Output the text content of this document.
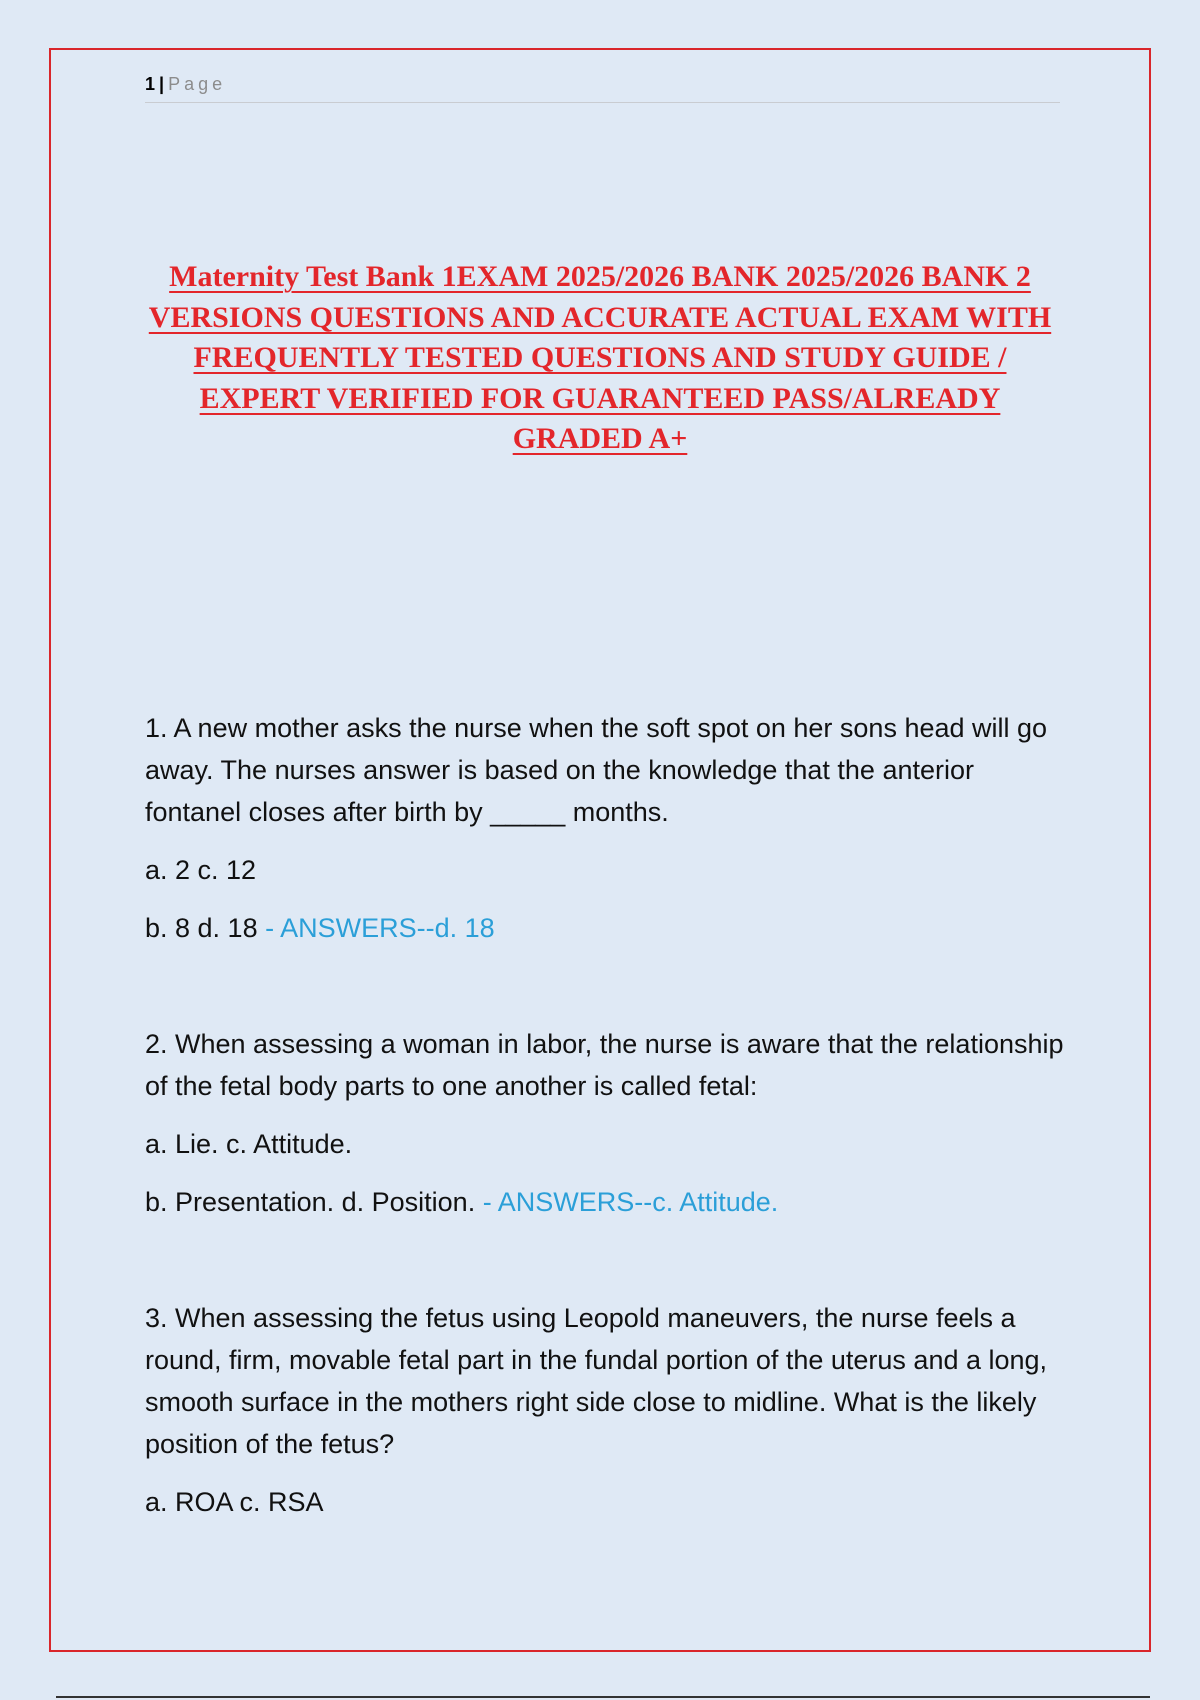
1 | Page
Maternity Test Bank 1EXAM 2025/2026 BANK 2025/2026 BANK 2 VERSIONS QUESTIONS AND ACCURATE ACTUAL EXAM WITH FREQUENTLY TESTED QUESTIONS AND STUDY GUIDE / EXPERT VERIFIED FOR GUARANTEED PASS/ALREADY GRADED A+

1. A new mother asks the nurse when the soft spot on her sons head will go away. The nurses answer is based on the knowledge that the anterior fontanel closes after birth by _____ months.

a. 2 c. 12

b. 8 d. 18 - ANSWERS--d. 18

2. When assessing a woman in labor, the nurse is aware that the relationship of the fetal body parts to one another is called fetal:

a. Lie. c. Attitude.

b. Presentation. d. Position. - ANSWERS--c. Attitude.

3. When assessing the fetus using Leopold maneuvers, the nurse feels a round, firm, movable fetal part in the fundal portion of the uterus and a long, smooth surface in the mothers right side close to midline. What is the likely position of the fetus?

a. ROA c. RSA
